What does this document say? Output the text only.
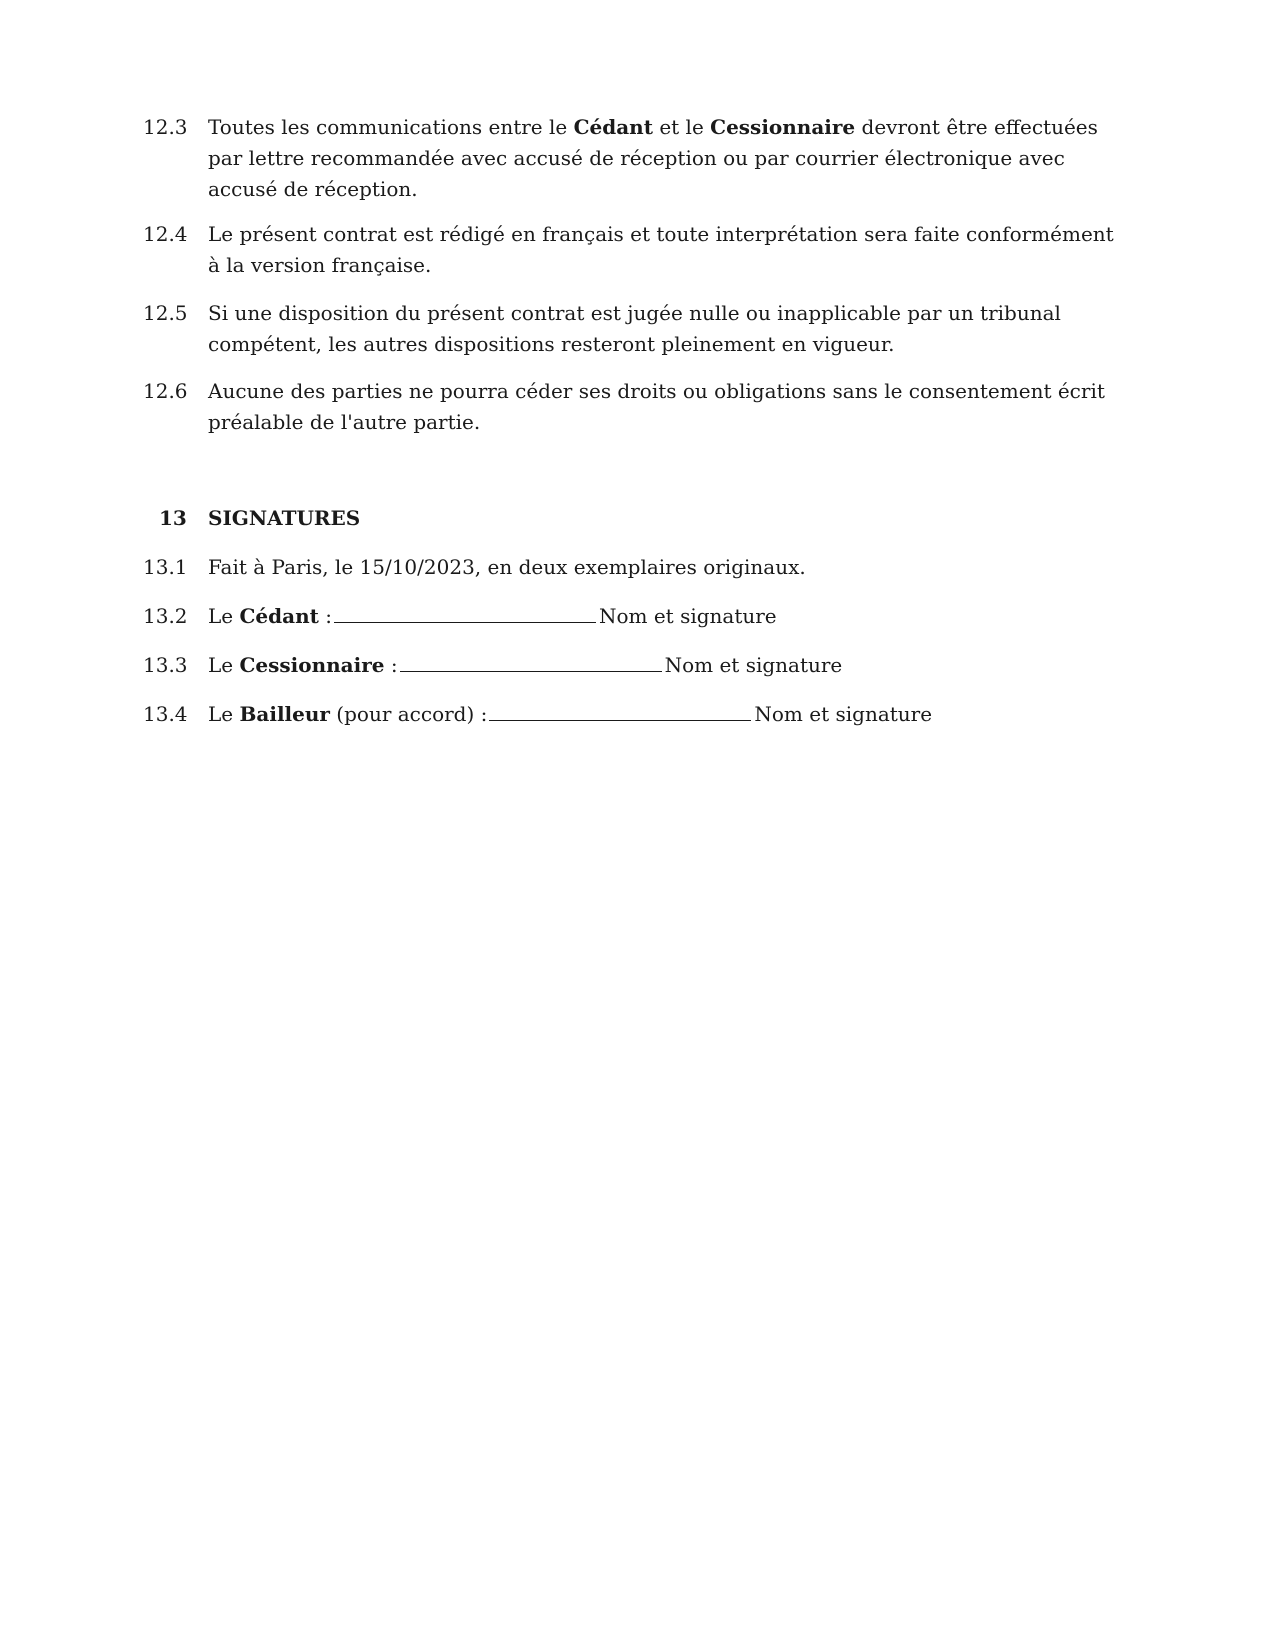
12.3	Toutes les communications entre le Cédant et le Cessionnaire devront être effectuées par lettre recommandée avec accusé de réception ou par courrier électronique avec accusé de réception.
12.4	Le présent contrat est rédigé en français et toute interprétation sera faite conformément à la version française.
12.5	Si une disposition du présent contrat est jugée nulle ou inapplicable par un tribunal compétent, les autres dispositions resteront pleinement en vigueur.
12.6	Aucune des parties ne pourra céder ses droits ou obligations sans le consentement écrit préalable de l'autre partie.
13	SIGNATURES
13.1	Fait à Paris, le 15/10/2023, en deux exemplaires originaux.
13.2	Le Cédant :	Nom et signature
13.3	Le Cessionnaire :	Nom et signature
13.4	Le Bailleur (pour accord) :	Nom et signature
